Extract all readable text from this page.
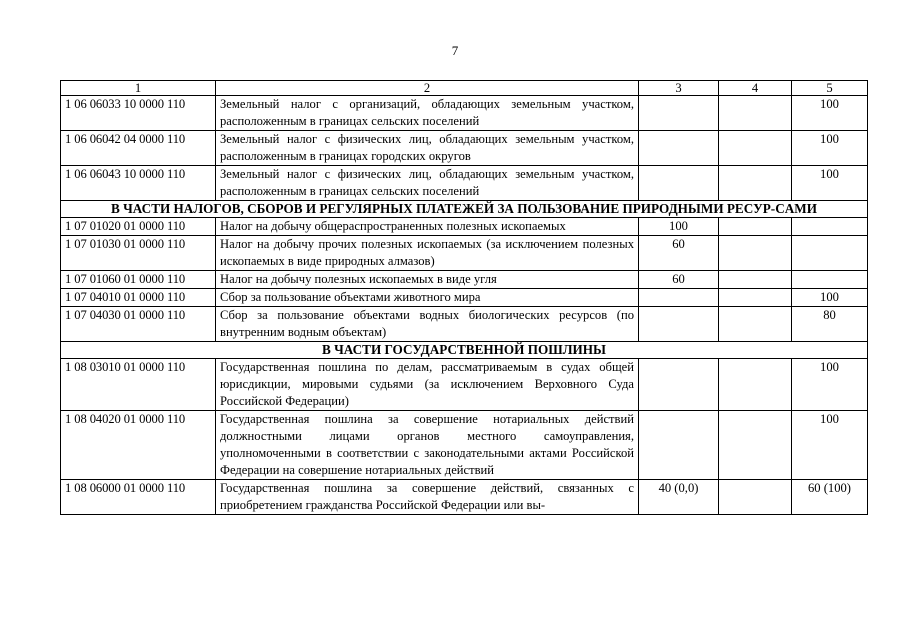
7
1	2	3	4	5
1 06 06033 10 0000 110	Земельный налог с организаций, обладающих земельным участком, расположенным в границах сельских поселений			100
1 06 06042 04 0000 110	Земельный налог с физических лиц, обладающих земельным участком, расположенным в границах городских округов			100
1 06 06043 10 0000 110	Земельный налог с физических лиц, обладающих земельным участком, расположенным в границах сельских поселений			100
В ЧАСТИ НАЛОГОВ, СБОРОВ И РЕГУЛЯРНЫХ ПЛАТЕЖЕЙ ЗА ПОЛЬЗОВАНИЕ ПРИРОДНЫМИ РЕСУР-СAMИ				
1 07 01020 01 0000 110	Налог на добычу общераспространенных полезных ископаемых	100		
1 07 01030 01 0000 110	Налог на добычу прочих полезных ископаемых (за исключением полезных ископаемых в виде природных алмазов)	60		
1 07 01060 01 0000 110	Налог на добычу полезных ископаемых в виде угля	60		
1 07 04010 01 0000 110	Сбор за пользование объектами животного мира			100
1 07 04030 01 0000 110	Сбор за пользование объектами водных биологических ресурсов (по внутренним водным объектам)			80
В ЧАСТИ ГОСУДАРСТВЕННОЙ ПОШЛИНЫ				
1 08 03010 01 0000 110	Государственная пошлина по делам, рассматриваемым в судах общей юрисдикции, мировыми судьями (за исключением Верховного Суда Российской Федерации)			100
1 08 04020 01 0000 110	Государственная пошлина за совершение нотариальных действий должностными лицами органов местного самоуправления, уполномоченными в соответствии с законодательными актами Российской Федерации на совершение нотариальных действий			100
1 08 06000 01 0000 110	Государственная пошлина за совершение действий, связанных с приобретением гражданства Российской Федерации или вы-	40 (0,0)		60 (100)
